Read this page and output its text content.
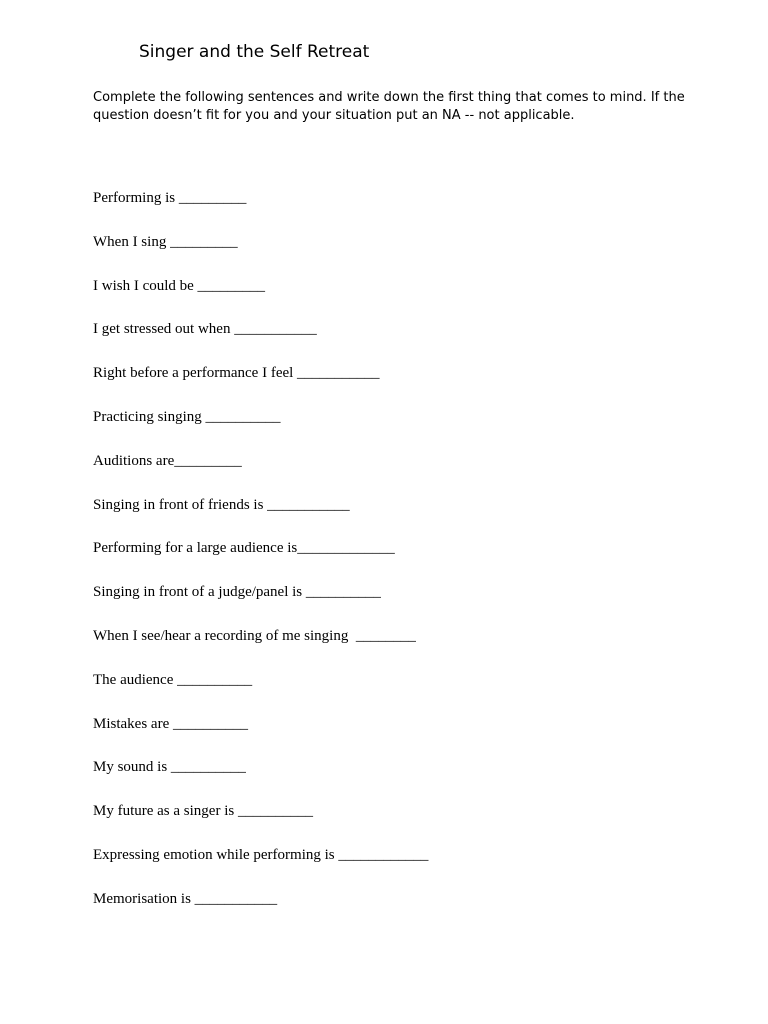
Singer and the Self Retreat
Complete the following sentences and write down the first thing that comes to mind. If the question doesn’t fit for you and your situation put an NA -- not applicable.
Performing is _________
When I sing _________
I wish I could be _________
I get stressed out when ___________
Right before a performance I feel ___________
Practicing singing __________
Auditions are_________
Singing in front of friends is ___________
Performing for a large audience is_____________
Singing in front of a judge/panel is __________
When I see/hear a recording of me singing  ________
The audience __________
Mistakes are __________
My sound is __________
My future as a singer is __________
Expressing emotion while performing is ____________
Memorisation is ___________
